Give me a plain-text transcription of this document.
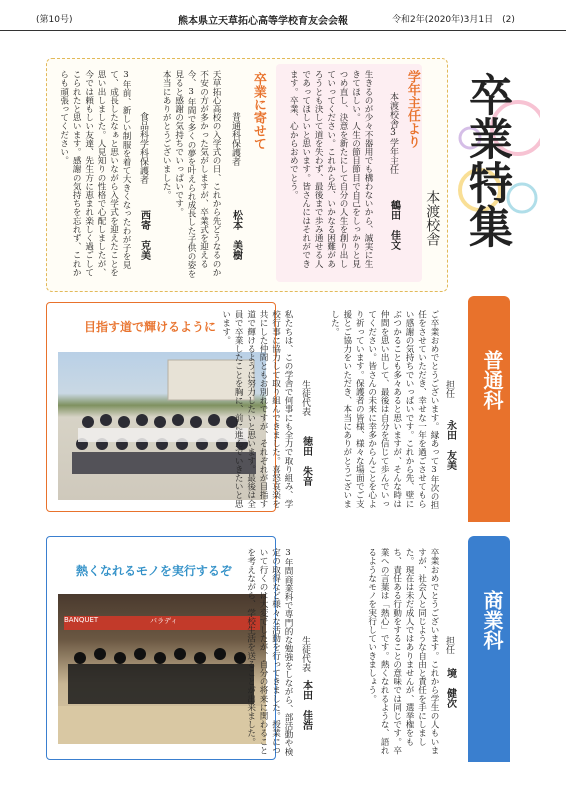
(第10号)	熊本県立天草拓心高等学校育友会会報	令和2年(2020年)3月1日　(2)
卒業特集
本渡校舎
学年主任より
本渡校舎3学年主任
鶴田　佳文
生きるのが少々不器用でも構わないから、誠実に生きてほしい。人生の節目節目で自己をしっかりと見つめ直し、決意を新たにして自分の人生を創り出していってください。これから先、いかなる困難があろうとも決して道を失わず、最後まで歩み通せる人であってほしいと思います。皆さんにはそれができます。卒業、心からおめでとう。
卒業に寄せて
普通科保護者
松本　美樹
天草拓心高校の入学式の日、これから先どうなるのか不安の方が多かった気がしますが、卒業式を迎える今、3年間で多くの夢を叶えられ成長した子供の姿を見ると感謝の気持ちでいっぱいです。
本当にありがとうございました。
食品科学科保護者
西寄　克美
3年前、新しい制服を着て大きくなったわが子を見て、成長したなぁと思いながら入学式を迎えたことを思い出しました。人見知りの性格で心配しましたが、今では頼もしい友達、先生方に恵まれ楽しく過ごしてこられたと思います。感謝の気持ちを忘れず、これからも頑張ってください。
目指す道で輝けるように
担任
永田　友美
ご卒業おめでとうございます。縁あって3年次の担任をさせていただき、幸せな一年を過ごさせてもらい感謝の気持ちでいっぱいです。これから先、壁にぶつかることも多々あると思いますが、そんな時は仲間を思い出して、最後は自分を信じて歩んでいってください。皆さんの未来に幸多からんことを心より祈っています。保護者の皆様、様々な場面でご支援とご協力をいただき、本当にありがとうございました。
生徒代表
徳田　朱音
私たちは、この学舎で何事にも全力で取り組み、学校行事に協力して取り組んできました。喜怒哀楽を共にした仲間ともお別れですが、それぞれが目指す道で輝けるように努力したいと思います。最後は全員で卒業したことを胸に、前に進んでいきたいと思います。
普通科
熱くなれるモノを実行するぞ
BANQUET	パラディ
担任
境　健次
卒業おめでとうございます。これから学生の人もいますが、社会人と同じような自由と責任を手にしました。現在は未だ成人ではありませんが、選挙権をもち、責任ある行動をすることの意味では同じです。卒業への言葉は「熱心」です。熱くなれるような、語れるようなモノを実行していきましょう。
生徒代表
本田　佳浩
3年間商業科で専門的な勉強をしながら、部活動や検定の取得など様々な活動を行ってきました。授業について行くのは大変でしたが、自分の将来に関わることを考えながら、学校生活を送ることが出来ました。	商業科
